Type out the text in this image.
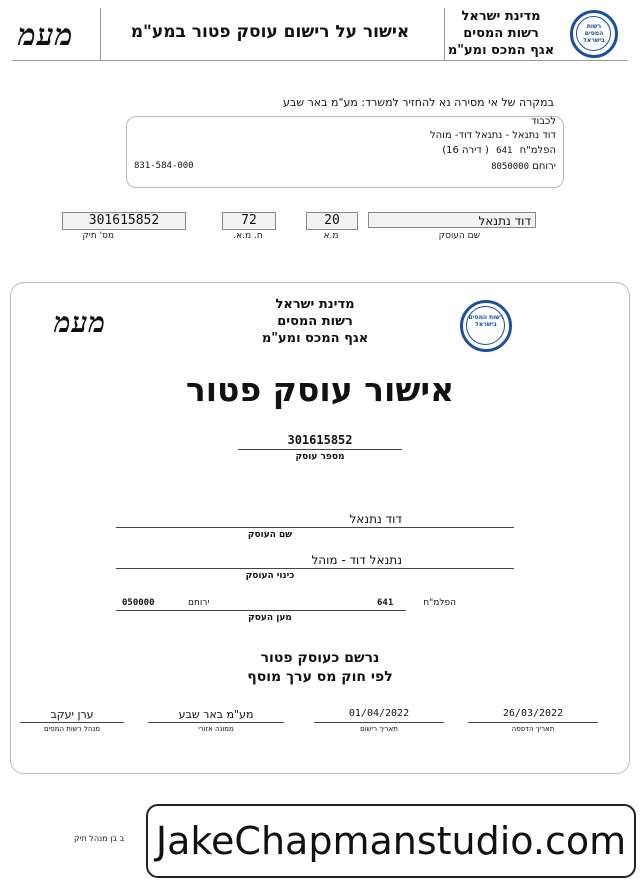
מעמ	אישור על רישום עוסק פטור במע"מ
מדינת ישראל
רשות המסים
אגף המכס ומע"מ
רשות המסים בישראל
במקרה של אי מסירה נא להחזיר למשרד: מע"מ באר שבע
לכבוד
דוד נתנאל - נתנאל דוד- מוהל
הפלמ"ח 641 ( דירה 16)
ירוחם 8050000
831-584-000
301615852
מס' תיק
72
ח. מ.א.
20
מ.א
דוד נתנאל
שם העוסק
מעמ
מדינת ישראל
רשות המסים
אגף המכס ומע"מ
רשות המסים בישראל
אישור עוסק פטור
301615852
מספר עוסק
דוד נתנאל
שם העוסק
נתנאל דוד - מוהל
כינוי העוסק
050000	ירוחם	641	הפלמ"ח
מען העסק
נרשם כעוסק פטור
לפי חוק מס ערך מוסף
ערן יעקב
מנהל רשות המסים
מע"מ באר שבע
ממונה אזורי
01/04/2022
תאריך רישום
26/03/2022
תאריך הדפסה
ב בן מנהל תיק JakeChapmanstudio.com
